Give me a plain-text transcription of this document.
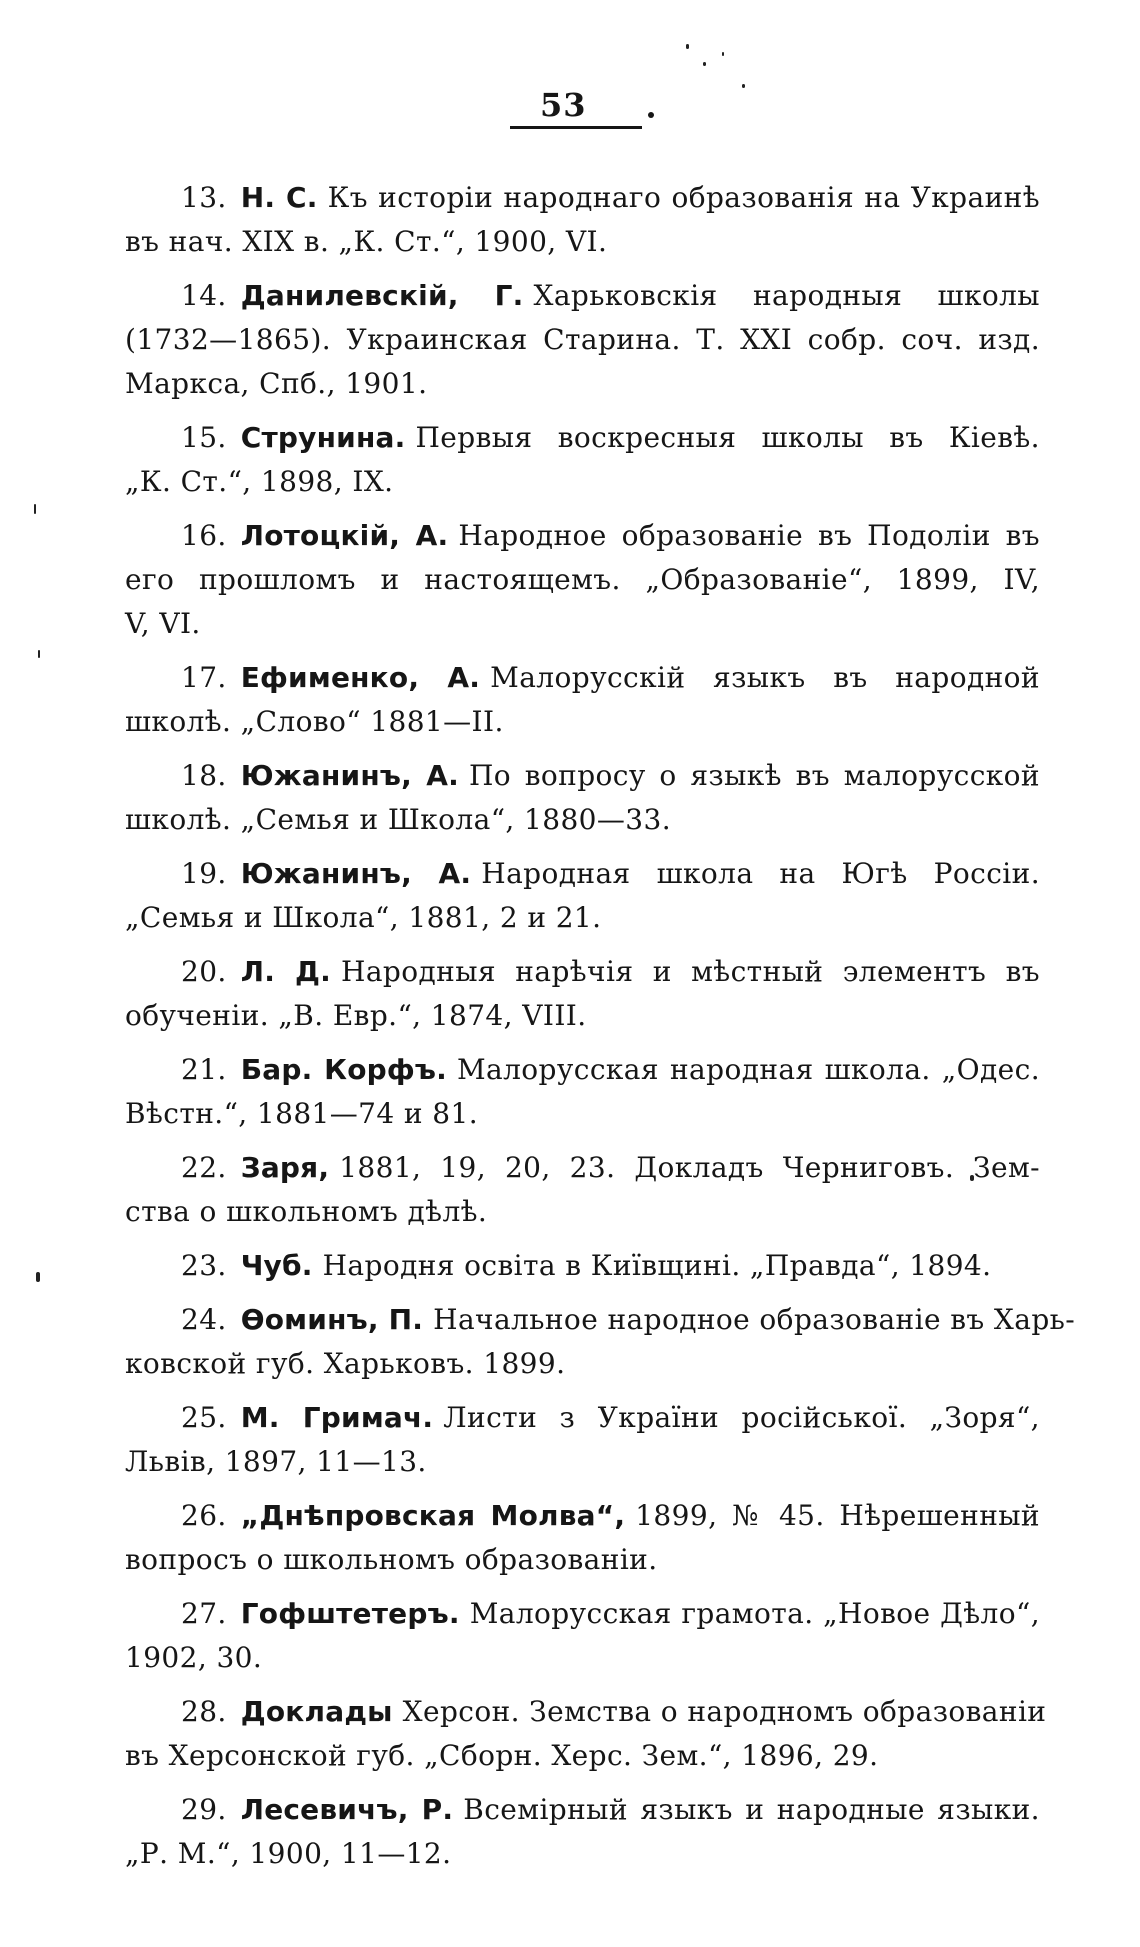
53
13. Н. С. Къ исторiи народнаго образованiя на Украинѣ
въ нач. XIX в. „К. Ст.“, 1900, VI.
14. Данилевскiй, Г. Харьковскiя народныя школы
(1732—1865). Украинская Старина. Т. XXI собр. соч. изд.
Маркса, Спб., 1901.
15. Струнина. Первыя воскресныя школы въ Кiевѣ.
„К. Ст.“, 1898, IX.
16. Лотоцкiй, А. Народное образованiе въ Подолiи въ
его прошломъ и настоящемъ. „Образованiе“, 1899, IV,
V, VI.
17. Ефименко, А. Малорусскiй языкъ въ народной
школѣ. „Слово“ 1881—II.
18. Южанинъ, А. По вопросу о языкѣ въ малорусской
школѣ. „Семья и Школа“, 1880—33.
19. Южанинъ, А. Народная школа на Югѣ Россiи.
„Семья и Школа“, 1881, 2 и 21.
20. Л. Д. Народныя нарѣчiя и мѣстный элементъ въ
обученiи. „В. Евр.“, 1874, VIII.
21. Бар. Корфъ. Малорусская народная школа. „Одес.
Вѣстн.“, 1881—74 и 81.
22. Заря, 1881, 19, 20, 23. Докладъ Черниговъ. Зем-
ства о школьномъ дѣлѣ.
23. Чуб. Народня освiта в Київщинi. „Правда“, 1894.
24. Ѳоминъ, П. Начальное народное образованiе въ Харь-
ковской губ. Харьковъ. 1899.
25. М. Гримач. Листи з України росiйської. „Зоря“,
Львiв, 1897, 11—13.
26. „Днѣпровская Молва“, 1899, № 45. Нѣрешенный
вопросъ о школьномъ образованiи.
27. Гофштетеръ. Малорусская грамота. „Новое Дѣло“,
1902, 30.
28. Доклады Херсон. Земства о народномъ образованiи
въ Херсонской губ. „Сборн. Херс. Зем.“, 1896, 29.
29. Лесевичъ, Р. Всемiрный языкъ и народные языки.
„Р. М.“, 1900, 11—12.
